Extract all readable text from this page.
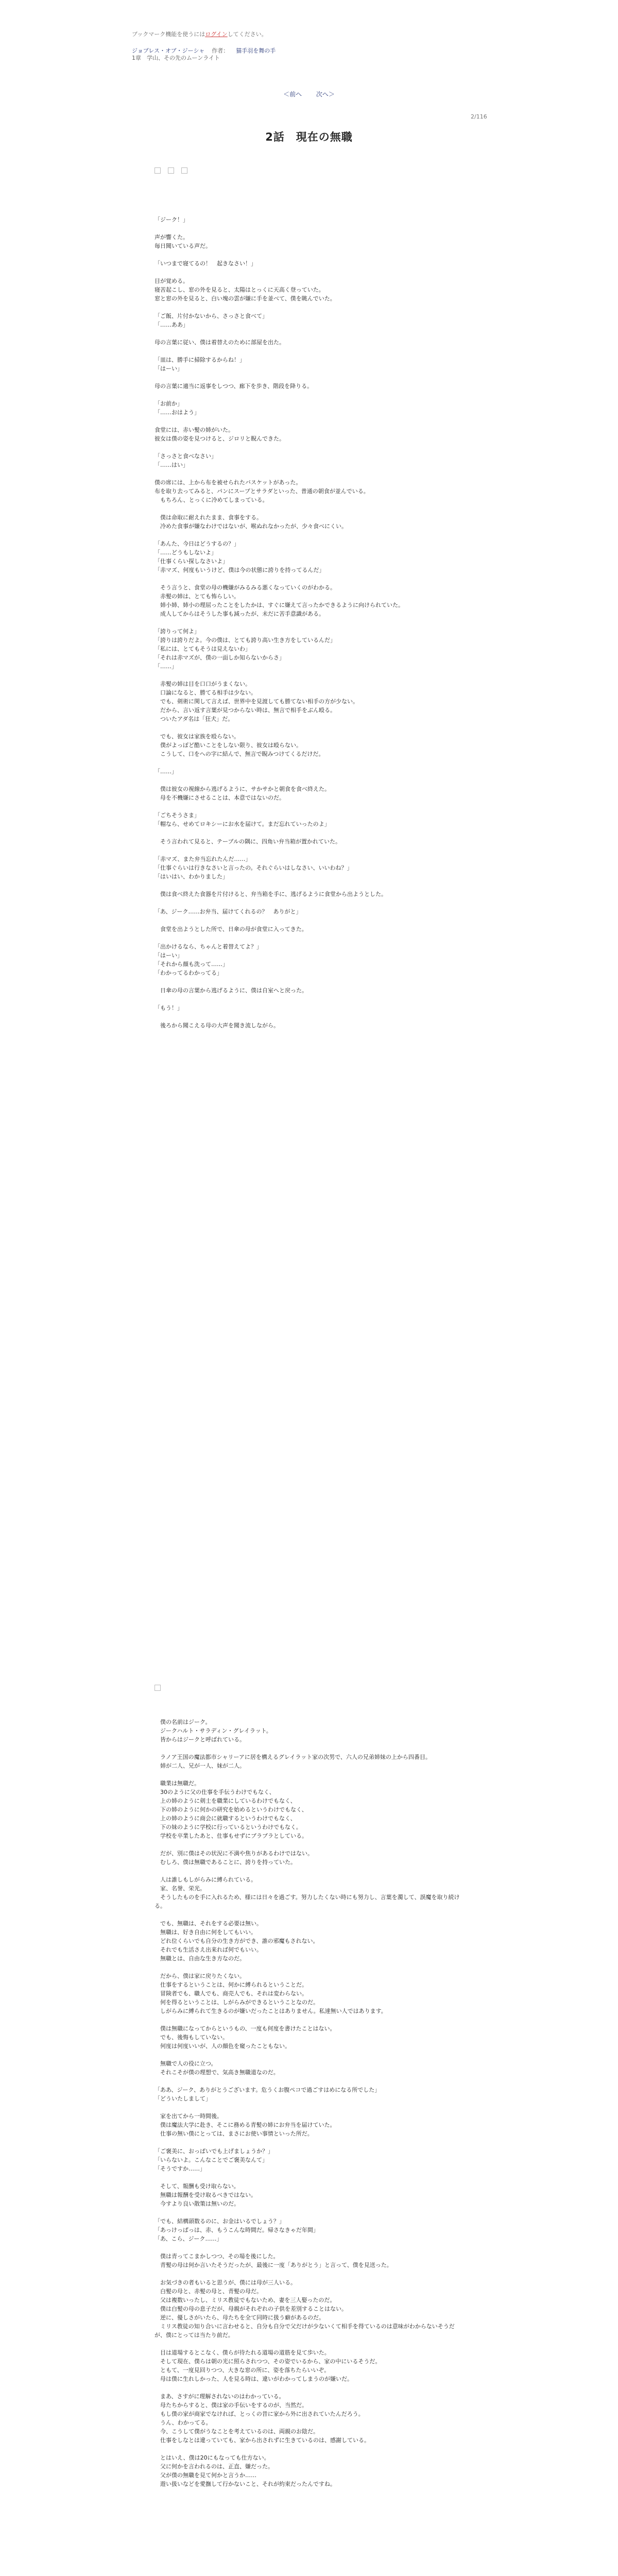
ブックマーク機能を使うにはログインしてください。
ジョブレス・オブ・ジーシャ 作者： 猫手羽を舞の手
1章　学山、その先のムーンライト
＜前へ 次へ＞
2/116
2話　現在の無職

「ジーク！」

声が響くた。

毎日聞いている声だ。

「いつまで寝てるの！　起きなさい！」

目が覚める。

寝苦起こし、窓の外を見ると、太陽はとっくに天高く登っていた。

窓と窓の外を見ると、白い塊の雲が嫌に手を並べて、僕を眺んでいた。

「ご飯、片付かないから、さっさと食べて」

「……ああ」

母の言葉に従い、僕は着替えのために部屋を出た。

「皿は、勝手に掃除するからね！」

「はーい」

母の言葉に適当に返事をしつつ、廊下を歩き、階段を降りる。

「お前か」

「……おはよう」

食堂には、赤い髪の姉がいた。

彼女は僕の姿を見つけると、ジロリと睨んできた。

「さっさと食べなさい」

「……はい」

僕の席には、上から布を被せられたバスケットがあった。

布を取り去ってみると、パンにスープとサラダといった、普通の朝食が並んでいる。

　もちろん、とっくに冷めてしまっている。

　僕は命取に耐えれたまま、食事をする。

　冷めた食事が嫌なわけではないが、喉ぬれなかったが、少々食べにくい。

「あんた、今日はどうするの？」

「……どうもしないよ」

「仕事くらい探しなさいよ」

「赤マズ、何度もいうけど、僕は今の状態に誇りを持ってるんだ」

　そう言うと、食堂の母の機嫌がみるみる悪くなっていくのがわかる。

　赤髪の姉は、とても怖らしい。

　姉小姉、姉小の理屈ったことをしたかは、すぐに嫌えて言ったかできるように向けられていた。

　成人してからはそうした事も減ったが、未だに苦手意識がある。

「誇りって何よ」

「誇りは誇りだよ。今の僕は、とても誇り高い生き方をしているんだ」

「私には、とてもそうは見えないわ」

「それは赤マズが、僕の一面しか知らないからさ」

「……」

　赤髪の姉は目を口口がうまくない。

　口論になると、勝てる相手は少ない。

　でも、剣術に関して言えば、世界中を見渡しても勝てない相手の方が少ない。

　だから、言い返す言葉が見つからない時は、無言で相手をぶん殴る。

　ついたアダ名は「狂犬」だ。

　でも、彼女は家族を殴らない。

　僕がよっぽど酷いことをしない限り、彼女は殴らない。

　こうして、口をへの字に結んで、無言で睨みつけてくるだけだ。

「……」

　僕は彼女の視線から逃げるように、サかサかと朝食を食べ終えた。

　母を不機嫌にさせることは、本意ではないのだ。

「ごちそうさま」

「帽なら、せめてロキシーにお水を届けて。まだ忘れていったのよ」

　そう言われて見ると、テーブルの隅に、四角い弁当箱が置かれていた。

「赤マズ、また弁当忘れたんだ……」

「仕事ぐらいは行きなさいと言ったの。それぐらいはしなさい、いいわね？」

「はいはい、わかりました」

　僕は食べ終えた食器を片付けると、弁当箱を手に、逃げるように食堂から出ようとした。

「あ、ジーク……お弁当、届けてくれるの？　ありがと」

　食堂を出ようとした所で、日傘の母が食堂に入ってきた。

「出かけるなら、ちゃんと着替えてよ？」

「はーい」

「それから顔も洗って……」

「わかってるわかってる」

　日傘の母の言葉から逃げるように、僕は自室へと戻った。

「もう！」

　後ろから聞こえる母の大声を聞き流しながら。

　僕の名前はジーク。

　ジークハルト・サラディン・グレイラット。

　皆からはジークと呼ばれている。

　ラノア王国の魔法都市シャリーアに居を構えるグレイラット家の次男で、六人の兄弟姉妹の上から四番目。

　姉が二人、兄が一人、妹が二人。

　職業は無職だ。

　30のように父の仕事を手伝うわけでもなく、

　上の姉のように剣士を職業にしているわけでもなく、

　下の姉のように何かの研究を始めるというわけでもなく、

　上の姉のように商会に就職するというわけでもなく、

　下の妹のように学校に行っているというわけでもなく。

　学校を卒業したあと、仕事もせずにブラブラとしている。

　だが、別に僕はその状況に不満や焦りがあるわけではない。

　むしろ、僕は無職であることに、誇りを持っていた。

　人は誰しもしがらみに縛られている。

　家、名誉、栄光。

　そうしたものを手に入れるため、様には日々を過ごす。努力したくない時にも努力し、言葉を濁して、誤魔を取り続ける。

　でも、無職は、それをする必要は無い。

　無職は、好き自由に何をしてもいい。

　どれ位くらいでも自分の生き方ができ、誰の邪魔もされない。

　それでも生活さえ出来れば何でもいい。

　無職とは、自由な生き方なのだ。

　だから、僕は家に戻りたくない。

　仕事をするということは、何かに縛られるということだ。

　冒険者でも、職人でも、商売人でも、それは変わらない。

　何を得るということは、しがらみができるということなのだ。

　しがらみに縛られて生きるのが嫌いだったことはありません。私達無い人ではあります。

　僕は無職になってからというもの、一度も何度を書けたことはない。

　でも、後悔もしていない。

　何度は何度いいが、人の顔色を窺ったこともない。

　無職で人の役に立つ。

　それこそが僕の理想で、気高き無職道なのだ。

「ああ、ジーク、ありがとうございます。危うくお腹ぺコで過ごすはめになる所でした」

「どういたしまして」

　家を出てから一時間後。

　僕は魔法大学に赴き、そこに務める青髪の姉にお弁当を届けていた。

　仕事の無い僕にとっては、まさにお使い事情といった所だ。

「ご褒美に、おっぱいでも上げましょうか？」

「いらないよ。こんなことでご褒美なんて」

「そうですか……」

　そして、報酬も受け取らない。

　無職は報酬を受け取るべきではない。

　今すより良い散策は無いのだ。

「でも、結構頭数るのに、お金はいるでしょう？」

「あっけっぱっは、赤、もうこんな時間だ。帰さなきゃだ年間」

「あ、こら、ジーク……」

　僕は青ってこまかしつつ、その場を後にした。

　青髪の母は何か言いたそうだったが、最後に一度「ありがとう」と言って、僕を見送った。

　お気づきの者もいると思うが、僕には母が三人いる。

　白髪の母と、赤髪の母と、青髪の母だ。

　父は複数いったし、ミリス教徒でもないため、妻を三人娶ったのだ。

　僕は白髪の母の息子だが、母親がそれぞれの子供を差別することはない。

　逆に、優しさがいたら、母たちを全て同時に扱う癖があるのだ。

　ミリス教徒の知り合いに言わせると、自分も自分で父だけが少ないくて相手を得ているのは意味がわからないそうだが、僕にとっては当たり前だ。

　目は道場するとこなく、僕らが待たれる道場の道筋を見て歩いた。

　そして現在、僕らは朝の光に照らされつつ、その姿でいるから、家の中にいるそうだ。

　ともて、一度見回りつつ、大きな窓の所に、姿を落ちたらいいぞ。

　母は僕に生れしかった、人を見る時は、違いがわかってしまうのが嫌いだ。

　まあ、さすがに理解されないのはわかっている。

　母たちからすると、僕は家の手伝いをするのが、当然だ。

　もし僕の家が商家でなければ、とっくの昔に家から外に出されていたんだろう。

　うん、わかってる。

　今、こうして僕がうなことを考えているのは、両親のお陰だ。

　仕事をしなとは違っていても、家から出されずに生きているのは、感謝している。

　とはいえ、僕は20にもなっても仕方ない。

　父に何かを言われるのは、正直、嫌だった。

　父が僕の無職を見て何かと言うか……

　遊い扱いなどを愛撫して行かないこと、それが約束だったんですね。
